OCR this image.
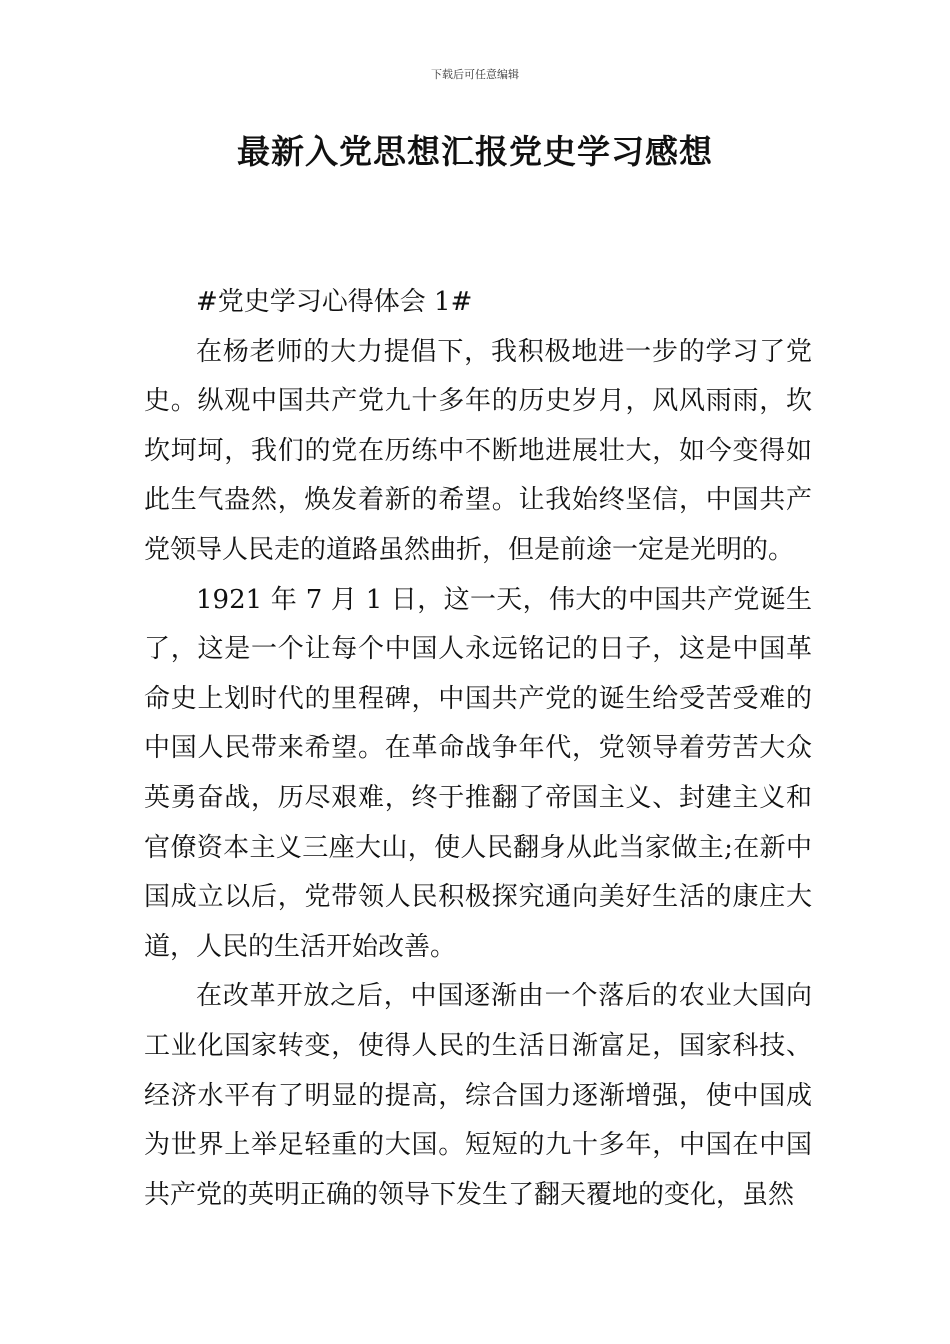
下载后可任意编辑
最新入党思想汇报党史学习感想

#党史学习心得体会 1#

在杨老师的大力提倡下，我积极地进一步的学习了党史。纵观中国共产党九十多年的历史岁月，风风雨雨，坎坎坷坷，我们的党在历练中不断地进展壮大，如今变得如此生气盎然，焕发着新的希望。让我始终坚信，中国共产党领导人民走的道路虽然曲折，但是前途一定是光明的。

1921 年 7 月 1 日，这一天，伟大的中国共产党诞生了，这是一个让每个中国人永远铭记的日子，这是中国革命史上划时代的里程碑，中国共产党的诞生给受苦受难的中国人民带来希望。在革命战争年代，党领导着劳苦大众英勇奋战，历尽艰难，终于推翻了帝国主义、封建主义和官僚资本主义三座大山，使人民翻身从此当家做主;在新中国成立以后，党带领人民积极探究通向美好生活的康庄大道，人民的生活开始改善。

在改革开放之后，中国逐渐由一个落后的农业大国向工业化国家转变，使得人民的生活日渐富足，国家科技、经济水平有了明显的提高，综合国力逐渐增强，使中国成为世界上举足轻重的大国。短短的九十多年，中国在中国共产党的英明正确的领导下发生了翻天覆地的变化，虽然
